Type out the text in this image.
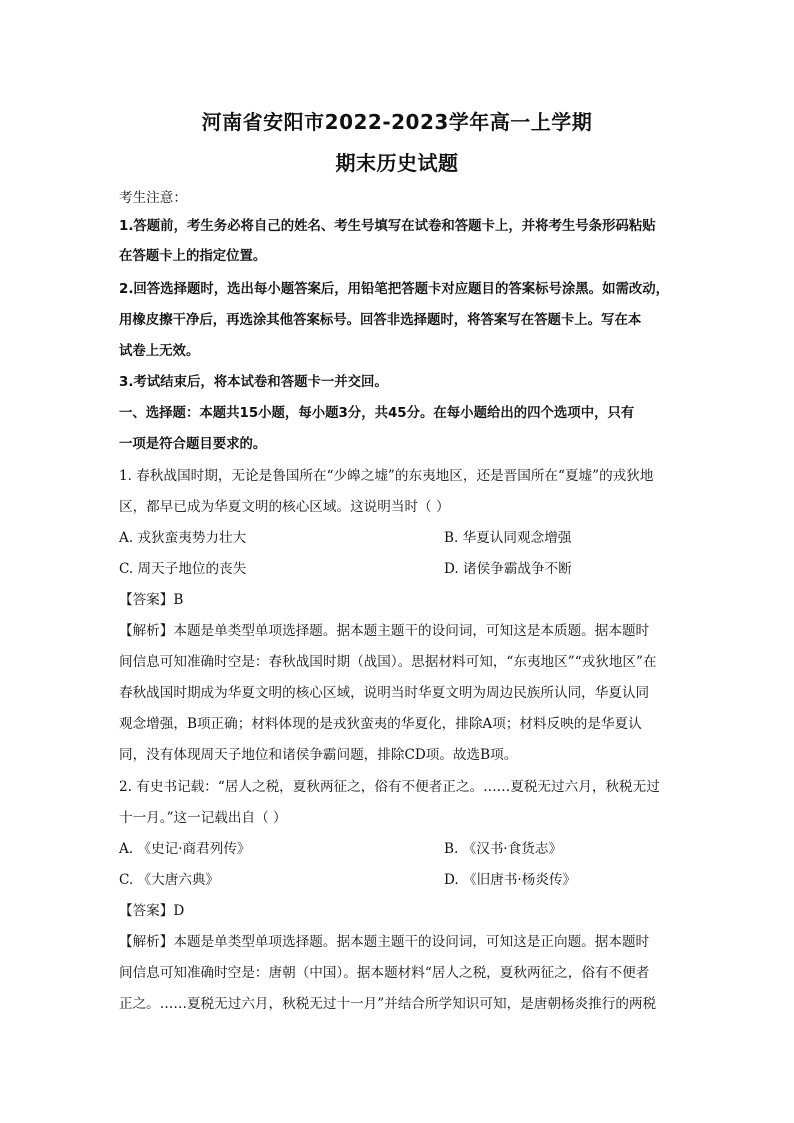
河南省安阳市2022-2023学年高一上学期
期末历史试题
考生注意：
1.答题前，考生务必将自己的姓名、考生号填写在试卷和答题卡上，并将考生号条形码粘贴
在答题卡上的指定位置。
2.回答选择题时，选出每小题答案后，用铅笔把答题卡对应题目的答案标号涂黑。如需改动，
用橡皮擦干净后，再选涂其他答案标号。回答非选择题时，将答案写在答题卡上。写在本
试卷上无效。
3.考试结束后，将本试卷和答题卡一并交回。
一、选择题：本题共15小题，每小题3分，共45分。在每小题给出的四个选项中，只有
一项是符合题目要求的。
1. 春秋战国时期，无论是鲁国所在“少皞之墟”的东夷地区，还是晋国所在“夏墟”的戎狄地
区，都早已成为华夏文明的核心区域。这说明当时（ ）
A. 戎狄蛮夷势力壮大	B. 华夏认同观念增强
C. 周天子地位的丧失	D. 诸侯争霸战争不断
【答案】B
【解析】本题是单类型单项选择题。据本题主题干的设问词，可知这是本质题。据本题时
间信息可知准确时空是：春秋战国时期（战国）。思据材料可知，“东夷地区”“戎狄地区”在
春秋战国时期成为华夏文明的核心区域，说明当时华夏文明为周边民族所认同，华夏认同
观念增强，B项正确；材料体现的是戎狄蛮夷的华夏化，排除A项；材料反映的是华夏认
同，没有体现周天子地位和诸侯争霸问题，排除CD项。故选B项。
2. 有史书记载：“居人之税，夏秋两征之，俗有不便者正之。……夏税无过六月，秋税无过
十一月。”这一记载出自（ ）
A. 《史记·商君列传》	B. 《汉书·食货志》
C. 《大唐六典》	D. 《旧唐书·杨炎传》
【答案】D
【解析】本题是单类型单项选择题。据本题主题干的设问词，可知这是正向题。据本题时
间信息可知准确时空是：唐朝（中国）。据本题材料“居人之税，夏秋两征之，俗有不便者
正之。……夏税无过六月，秋税无过十一月”并结合所学知识可知，是唐朝杨炎推行的两税
